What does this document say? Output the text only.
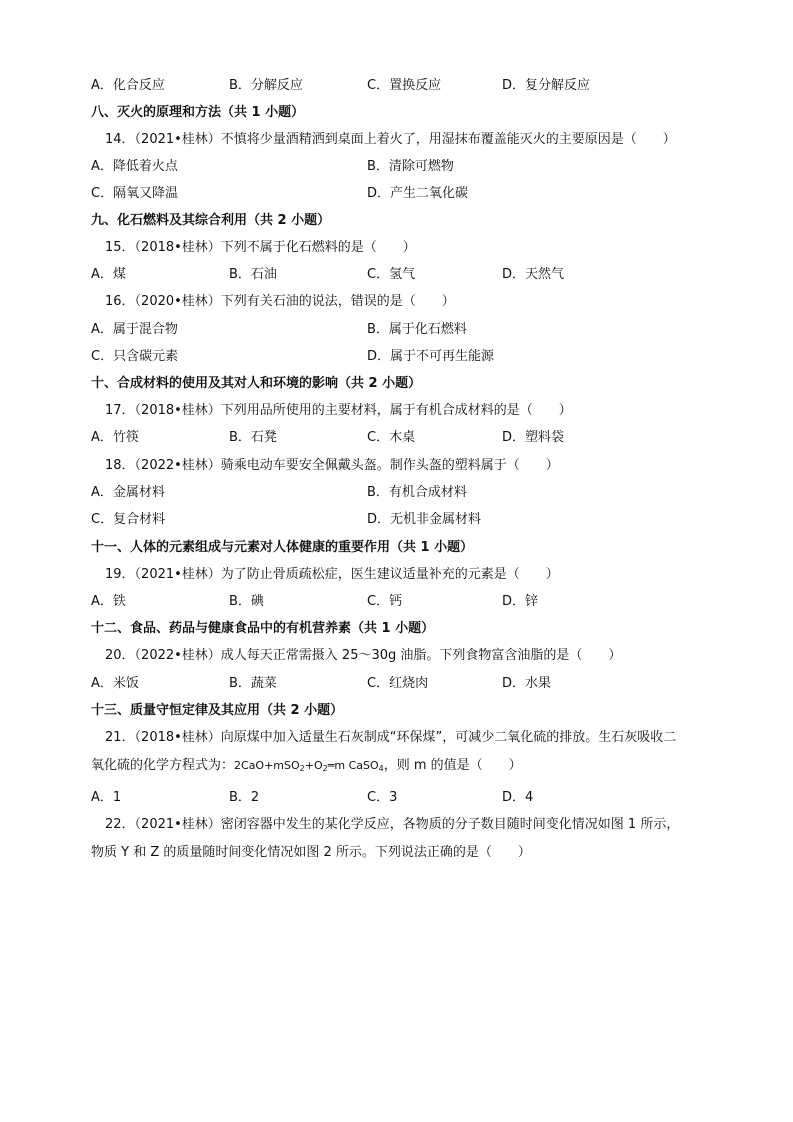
A．化合反应	B．分解反应	C．置换反应	D．复分解反应
八、灭火的原理和方法（共 1 小题）
14．（2021•桂林）不慎将少量酒精洒到桌面上着火了，用湿抹布覆盖能灭火的主要原因是（　　）
A．降低着火点	B．清除可燃物
C．隔氧又降温	D．产生二氧化碳
九、化石燃料及其综合利用（共 2 小题）
15．（2018•桂林）下列不属于化石燃料的是（　　）
A．煤	B．石油	C．氢气	D．天然气
16．（2020•桂林）下列有关石油的说法，错误的是（　　）
A．属于混合物	B．属于化石燃料
C．只含碳元素	D．属于不可再生能源
十、合成材料的使用及其对人和环境的影响（共 2 小题）
17．（2018•桂林）下列用品所使用的主要材料，属于有机合成材料的是（　　）
A．竹筷	B．石凳	C．木桌	D．塑料袋
18．（2022•桂林）骑乘电动车要安全佩戴头盔。制作头盔的塑料属于（　　）
A．金属材料	B．有机合成材料
C．复合材料	D．无机非金属材料
十一、人体的元素组成与元素对人体健康的重要作用（共 1 小题）
19．（2021•桂林）为了防止骨质疏松症，医生建议适量补充的元素是（　　）
A．铁	B．碘	C．钙	D．锌
十二、食品、药品与健康食品中的有机营养素（共 1 小题）
20．（2022•桂林）成人每天正常需摄入 25～30g 油脂。下列食物富含油脂的是（　　）
A．米饭	B．蔬菜	C．红烧肉	D．水果
十三、质量守恒定律及其应用（共 2 小题）
21．（2018•桂林）向原煤中加入适量生石灰制成“环保煤”，可减少二氧化硫的排放。生石灰吸收二
氧化硫的化学方程式为：$2CaO+mSO_2+O_2═m$ CaSO$_4$，则 m 的值是（　　）
A．1	B．2	C．3	D．4
22．（2021•桂林）密闭容器中发生的某化学反应，各物质的分子数目随时间变化情况如图 1 所示，
物质 Y 和 Z 的质量随时间变化情况如图 2 所示。下列说法正确的是（　　）
